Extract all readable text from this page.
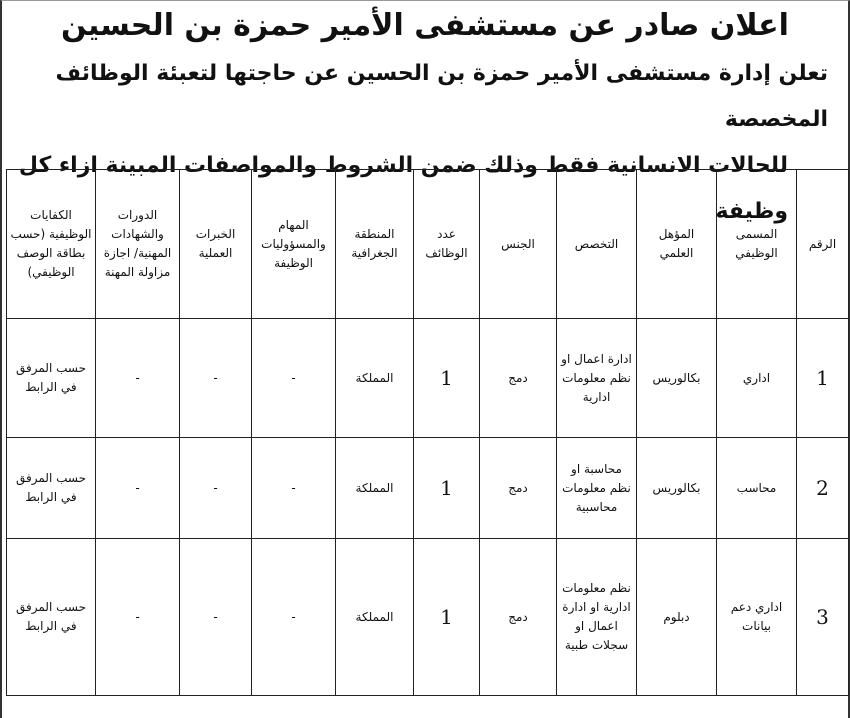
اعلان صادر عن مستشفى الأمير حمزة بن الحسين
تعلن إدارة مستشفى الأمير حمزة بن الحسين عن حاجتها لتعبئة الوظائف المخصصة
للحالات الانسانية فقط وذلك ضمن الشروط والمواصفات المبينة ازاء كل وظيفة
الرقم	المسمى الوظيفي	المؤهل العلمي	التخصص	الجنس	عدد الوظائف	المنطقة الجغرافية	المهام والمسؤوليات الوظيفة	الخبرات العملية	الدورات والشهادات المهنية/ اجازة مزاولة المهنة	الكفايات الوظيفية (حسب بطاقة الوصف الوظيفي)
1	اداري	بكالوريس	ادارة اعمال او نظم معلومات ادارية	دمج	1	المملكة	-	-	-	حسب المرفق في الرابط
2	محاسب	بكالوريس	محاسبة او نظم معلومات محاسبية	دمج	1	المملكة	-	-	-	حسب المرفق في الرابط
3	اداري دعم بيانات	دبلوم	نظم معلومات ادارية او ادارة اعمال او سجلات طبية	دمج	1	المملكة	-	-	-	حسب المرفق في الرابط
